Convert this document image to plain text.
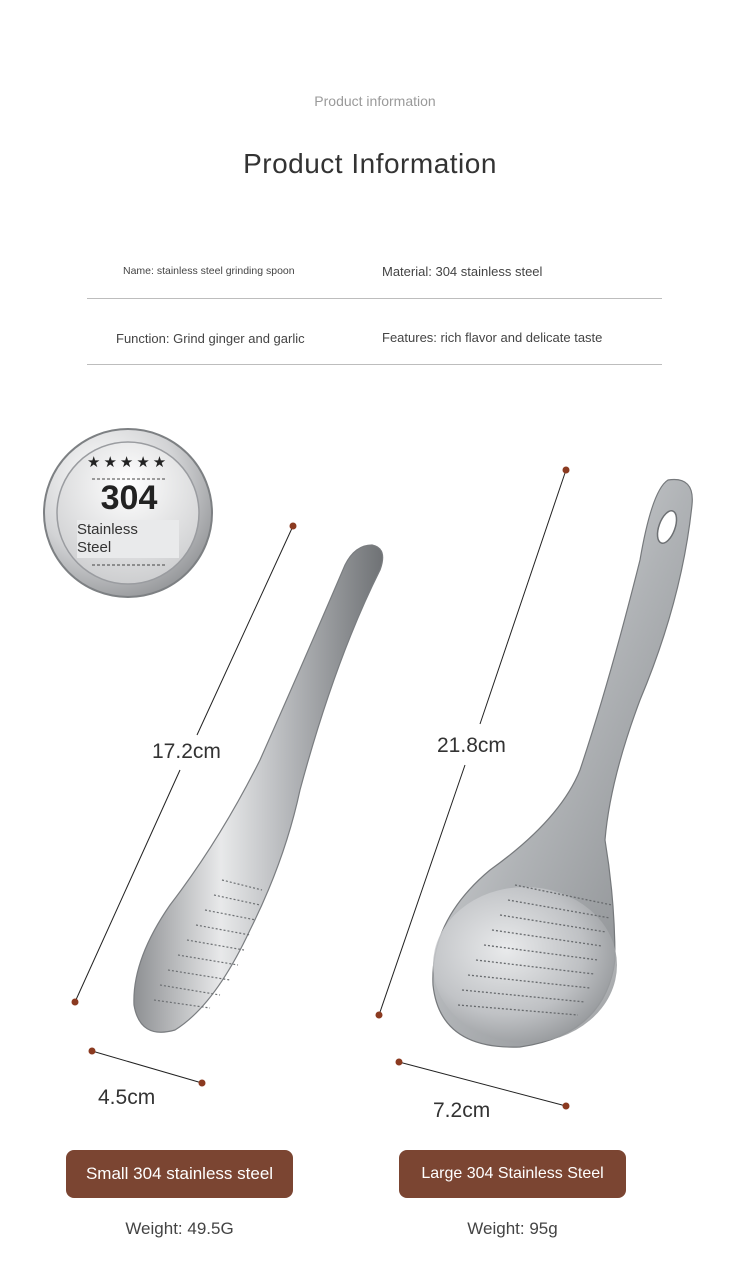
Product information
Product Information
Name: stainless steel grinding spoon	Material: 304 stainless steel
Function: Grind ginger and garlic	Features: rich flavor and delicate taste
★★★★★
304
Stainless
Steel
17.2cm
4.5cm
21.8cm
7.2cm
Small 304 stainless steel	Large 304 Stainless Steel
Weight: 49.5G	Weight: 95g
